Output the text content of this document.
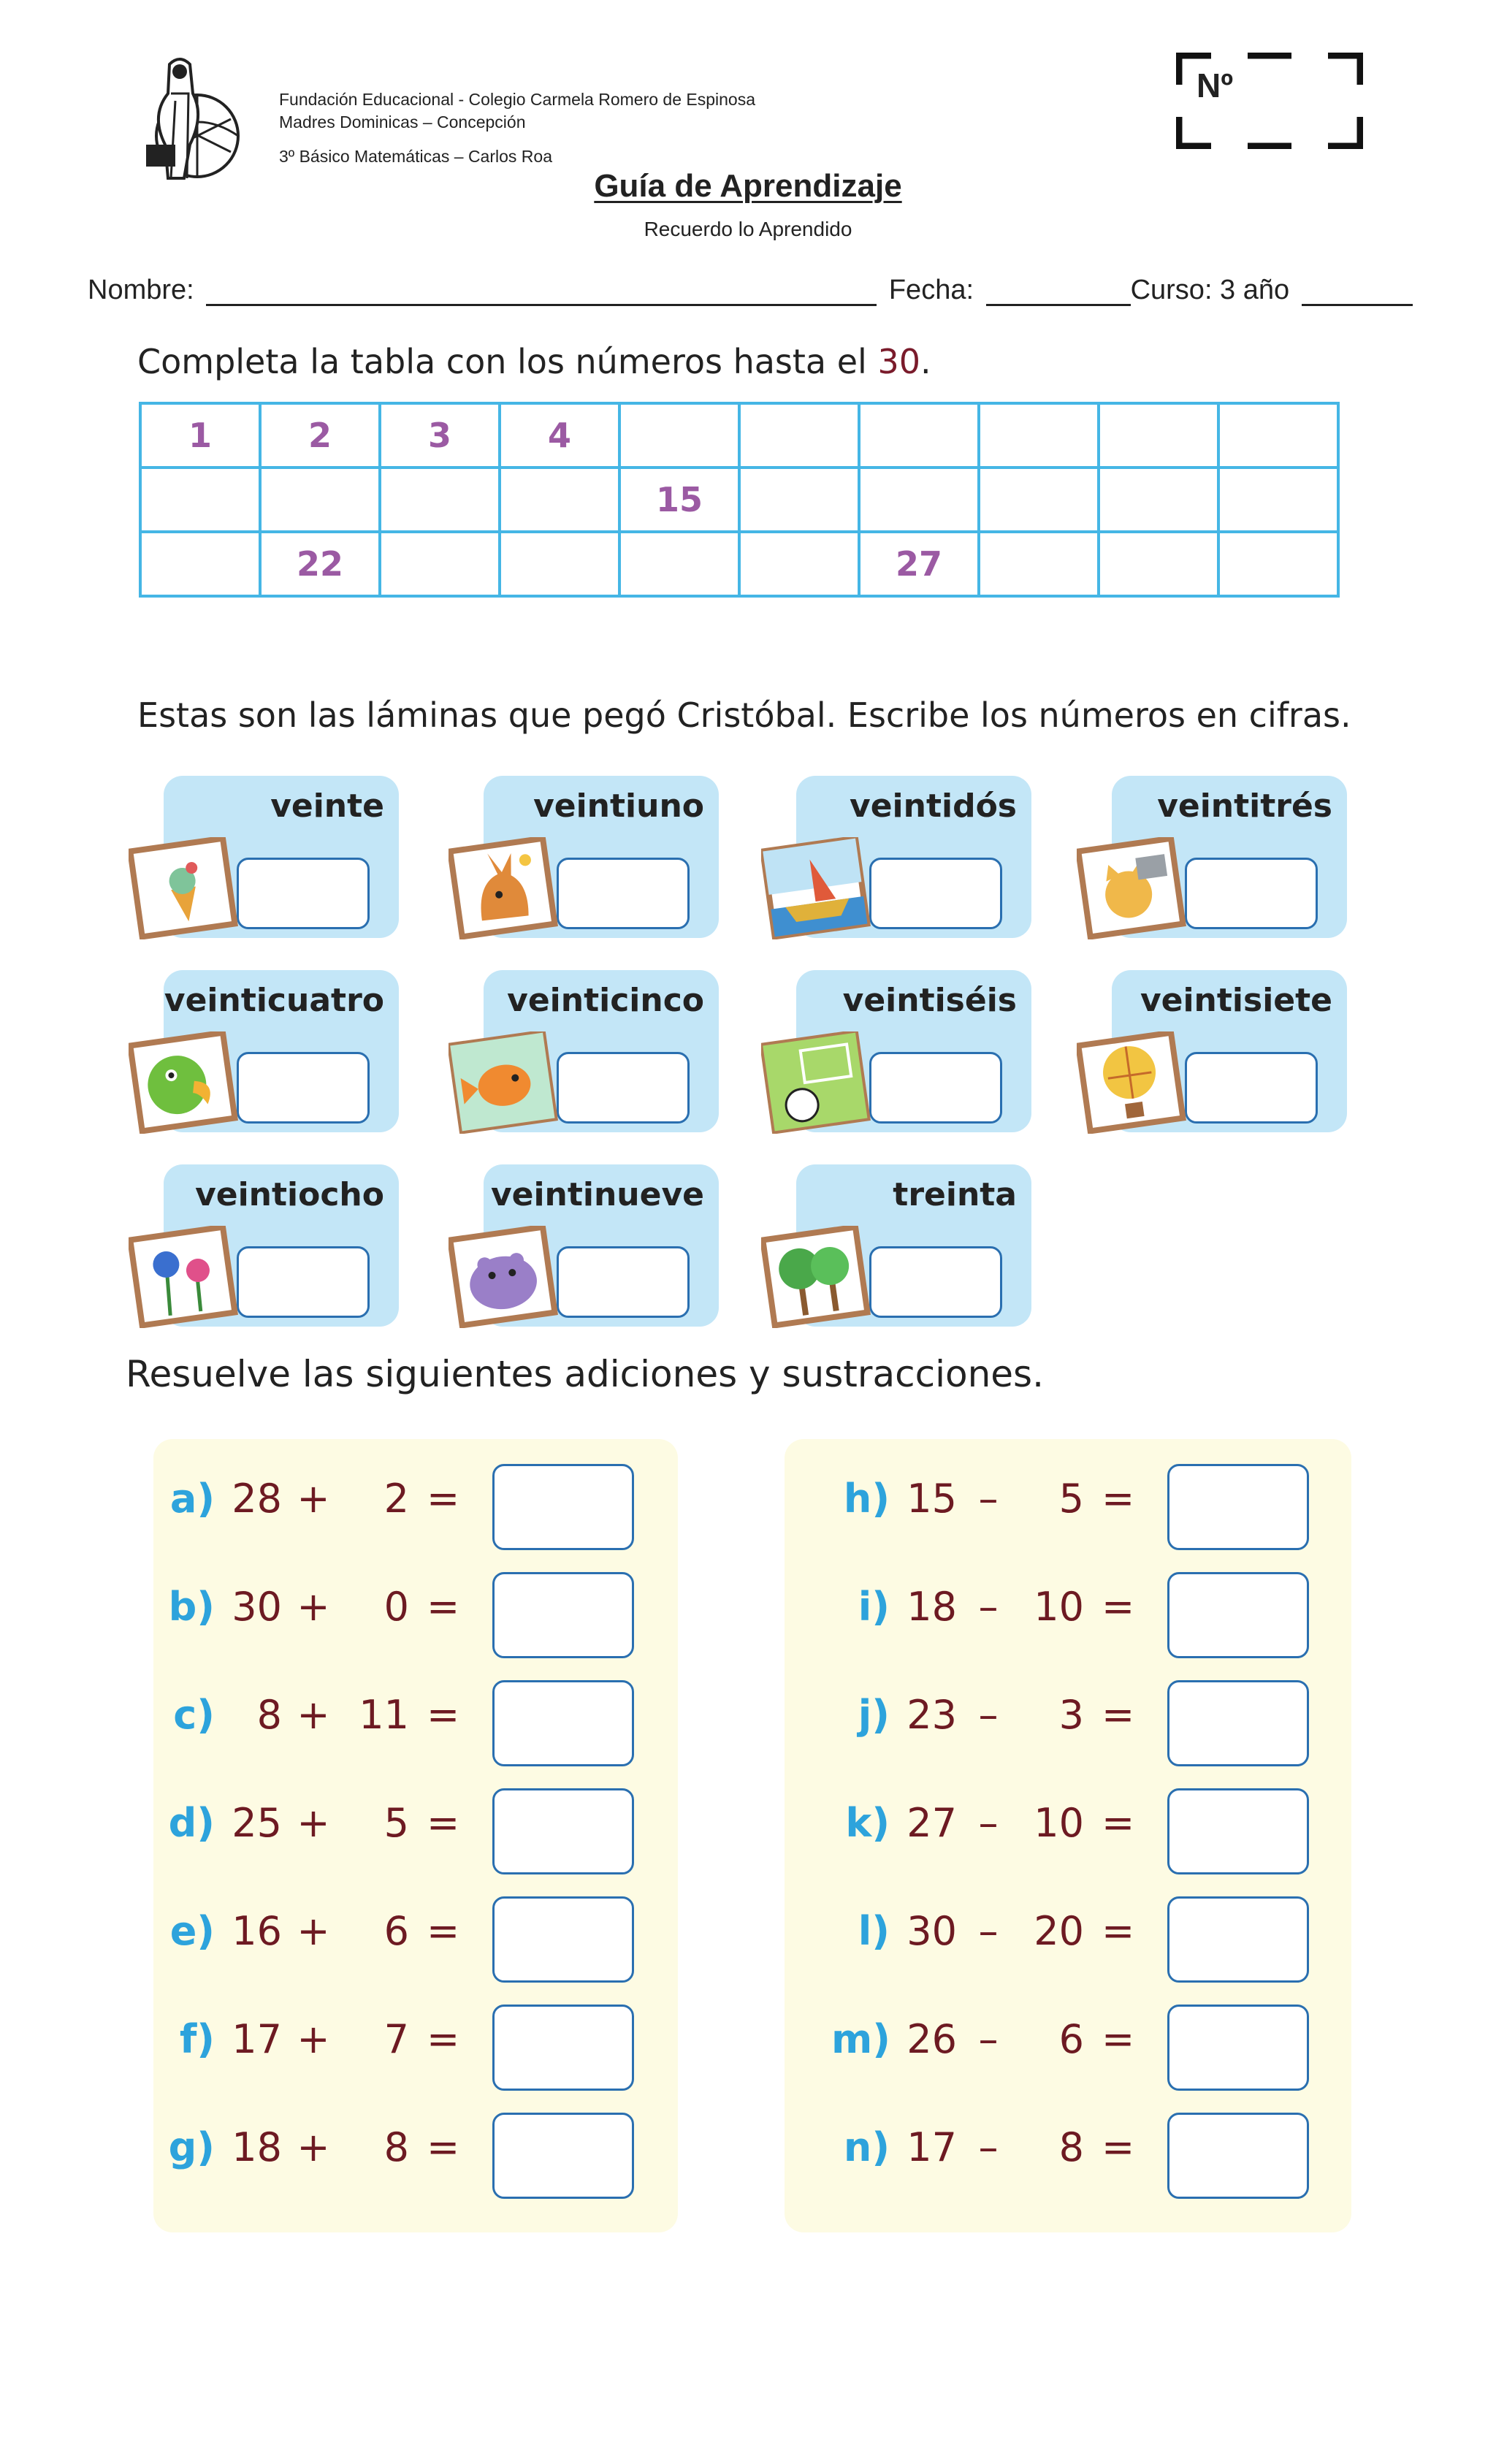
Fundación Educacional - Colegio Carmela Romero de Espinosa
Madres Dominicas – Concepción
3º Básico Matemáticas – Carlos Roa
Nº
Guía de Aprendizaje
Recuerdo lo Aprendido
Nombre:	Fecha:	Curso: 3 año
Completa la tabla con los números hasta el 30.
1	2	3	4						
				15					
	22					27			
Estas son las láminas que pegó Cristóbal. Escribe los números en cifras.
veinte	veintiuno	veintidós	veintitrés
veinticuatro	veinticinco	veintiséis	veintisiete
veintiocho	veintinueve	treinta
Resuelve las siguientes adiciones y sustracciones.
a) 28 +	2 =
b) 30 +	0 =
c)	8 + 11 =
d) 25 +	5 =
e) 16 +	6 =
f) 17 +	7 =
g) 18 +	8 =
h) 15 –	5 =
i) 18 – 10 =
j) 23 –	3 =
k) 27 – 10 =
l) 30 – 20 =
m) 26 –	6 =
n) 17 –	8 =
